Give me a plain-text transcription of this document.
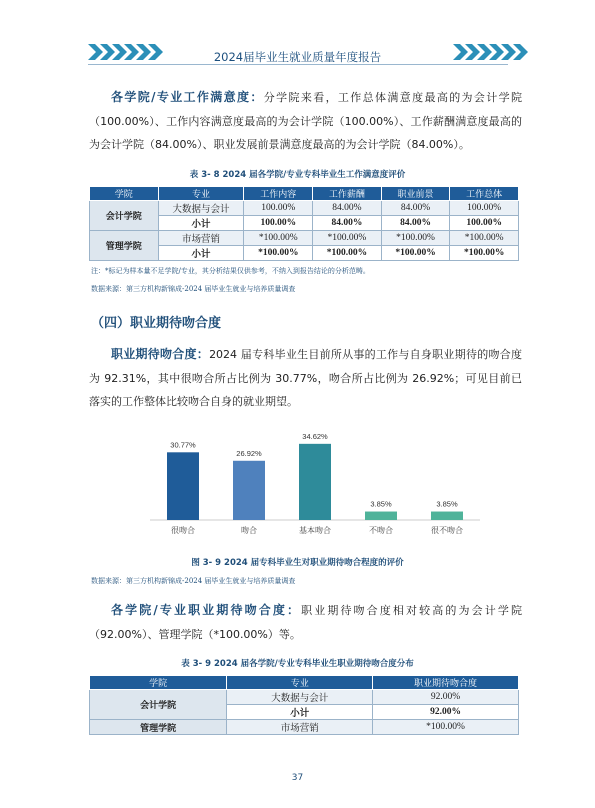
2024届毕业生就业质量年度报告
各学院/专业工作满意度：分学院来看，工作总体满意度最高的为会计学院（100.00%）、工作内容满意度最高的为会计学院（100.00%）、工作薪酬满意度最高的为会计学院（84.00%）、职业发展前景满意度最高的为会计学院（84.00%）。
表 3- 8 2024 届各学院/专业专科毕业生工作满意度评价
学院	专业	工作内容	工作薪酬	职业前景	工作总体
会计学院	大数据与会计	100.00%	84.00%	84.00%	100.00%
	小计	100.00%	84.00%	84.00%	100.00%
管理学院	市场营销	*100.00%	*100.00%	*100.00%	*100.00%
	小计	*100.00%	*100.00%	*100.00%	*100.00%
注：*标记为样本量不足学院/专业，其分析结果仅供参考，不纳入到报告结论的分析范畴。
数据来源：第三方机构新锦成-2024 届毕业生就业与培养质量调查
（四）职业期待吻合度
职业期待吻合度：2024 届专科毕业生目前所从事的工作与自身职业期待的吻合度为 92.31%，其中很吻合所占比例为 30.77%，吻合所占比例为 26.92%；可见目前已落实的工作整体比较吻合自身的就业期望。
30.77%
很吻合
26.92%
吻合
34.62%
基本吻合
3.85%
不吻合
3.85%
很不吻合
图 3- 9 2024 届专科毕业生对职业期待吻合程度的评价
数据来源：第三方机构新锦成-2024 届毕业生就业与培养质量调查
各学院/专业职业期待吻合度：职业期待吻合度相对较高的为会计学院（92.00%）、管理学院（*100.00%）等。
表 3- 9 2024 届各学院/专业专科毕业生职业期待吻合度分布
学院	专业	职业期待吻合度
会计学院	大数据与会计	92.00%
	小计	92.00%
管理学院	市场营销	*100.00%
37
